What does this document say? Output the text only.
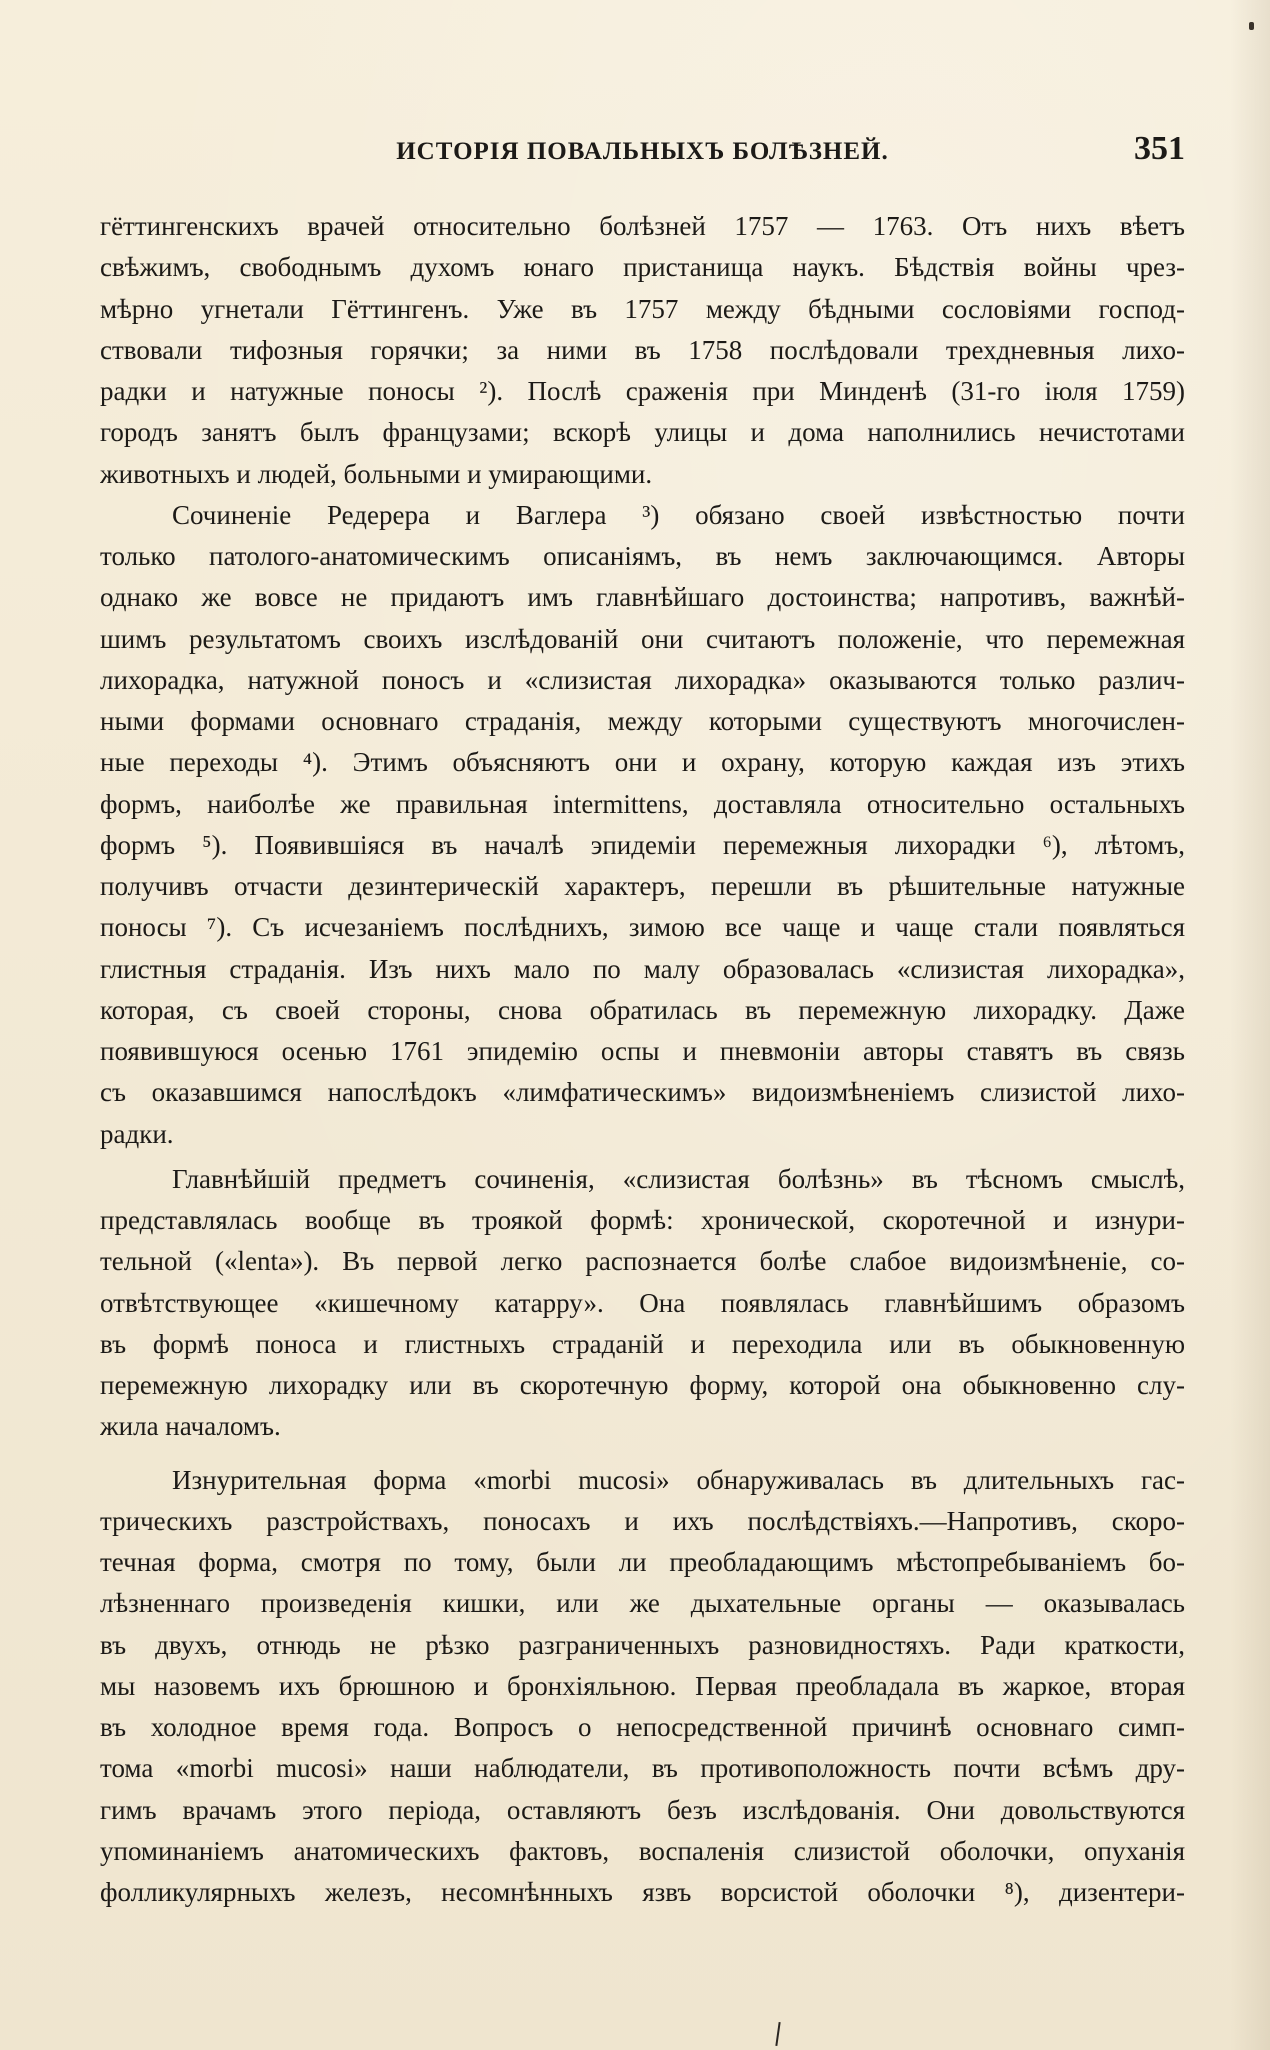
ИСТОРІЯ ПОВАЛЬНЫХЪ БОЛѢЗНЕЙ.	351
гёттингенскихъ врачей относительно болѣзней 1757 — 1763. Отъ нихъ вѣетъ
свѣжимъ, свободнымъ духомъ юнаго пристанища наукъ. Бѣдствія войны чрез-
мѣрно угнетали Гёттингенъ. Уже въ 1757 между бѣдными сословіями господ-
ствовали тифозныя горячки; за ними въ 1758 послѣдовали трехдневныя лихо-
радки и натужные поносы ²). Послѣ сраженія при Минденѣ (31-го іюля 1759)
городъ занятъ былъ французами; вскорѣ улицы и дома наполнились нечистотами
животныхъ и людей, больными и умирающими.
Сочиненіе Редерера и Ваглера ³) обязано своей извѣстностью почти
только патолого-анатомическимъ описаніямъ, въ немъ заключающимся. Авторы
однако же вовсе не придаютъ имъ главнѣйшаго достоинства; напротивъ, важнѣй-
шимъ результатомъ своихъ изслѣдованій они считаютъ положеніе, что перемежная
лихорадка, натужной поносъ и «слизистая лихорадка» оказываются только различ-
ными формами основнаго страданія, между которыми существуютъ многочислен-
ные переходы ⁴). Этимъ объясняютъ они и охрану, которую каждая изъ этихъ
формъ, наиболѣе же правильная intermittens, доставляла относительно остальныхъ
формъ ⁵). Появившіяся въ началѣ эпидеміи перемежныя лихорадки ⁶), лѣтомъ,
получивъ отчасти дезинтерическій характеръ, перешли въ рѣшительные натужные
поносы ⁷). Съ исчезаніемъ послѣднихъ, зимою все чаще и чаще стали появляться
глистныя страданія. Изъ нихъ мало по малу образовалась «слизистая лихорадка»,
которая, съ своей стороны, снова обратилась въ перемежную лихорадку. Даже
появившуюся осенью 1761 эпидемію оспы и пневмоніи авторы ставятъ въ связь
съ оказавшимся напослѣдокъ «лимфатическимъ» видоизмѣненіемъ слизистой лихо-
радки.
Главнѣйшій предметъ сочиненія, «слизистая болѣзнь» въ тѣсномъ смыслѣ,
представлялась вообще въ троякой формѣ: хронической, скоротечной и изнури-
тельной («lenta»). Въ первой легко распознается болѣе слабое видоизмѣненіе, со-
отвѣтствующее «кишечному катарру». Она появлялась главнѣйшимъ образомъ
въ формѣ поноса и глистныхъ страданій и переходила или въ обыкновенную
перемежную лихорадку или въ скоротечную форму, которой она обыкновенно слу-
жила началомъ.
Изнурительная форма «morbi mucosi» обнаруживалась въ длительныхъ гас-
трическихъ разстройствахъ, поносахъ и ихъ послѣдствіяхъ.—Напротивъ, скоро-
течная форма, смотря по тому, были ли преобладающимъ мѣстопребываніемъ бо-
лѣзненнаго произведенія кишки, или же дыхательные органы — оказывалась
въ двухъ, отнюдь не рѣзко разграниченныхъ разновидностяхъ. Ради краткости,
мы назовемъ ихъ брюшною и бронхіяльною. Первая преобладала въ жаркое, вторая
въ холодное время года. Вопросъ о непосредственной причинѣ основнаго симп-
тома «morbi mucosi» наши наблюдатели, въ противоположность почти всѣмъ дру-
гимъ врачамъ этого періода, оставляютъ безъ изслѣдованія. Они довольствуются
упоминаніемъ анатомическихъ фактовъ, воспаленія слизистой оболочки, опуханія
фолликулярныхъ железъ, несомнѣнныхъ язвъ ворсистой оболочки ⁸), дизентери-
